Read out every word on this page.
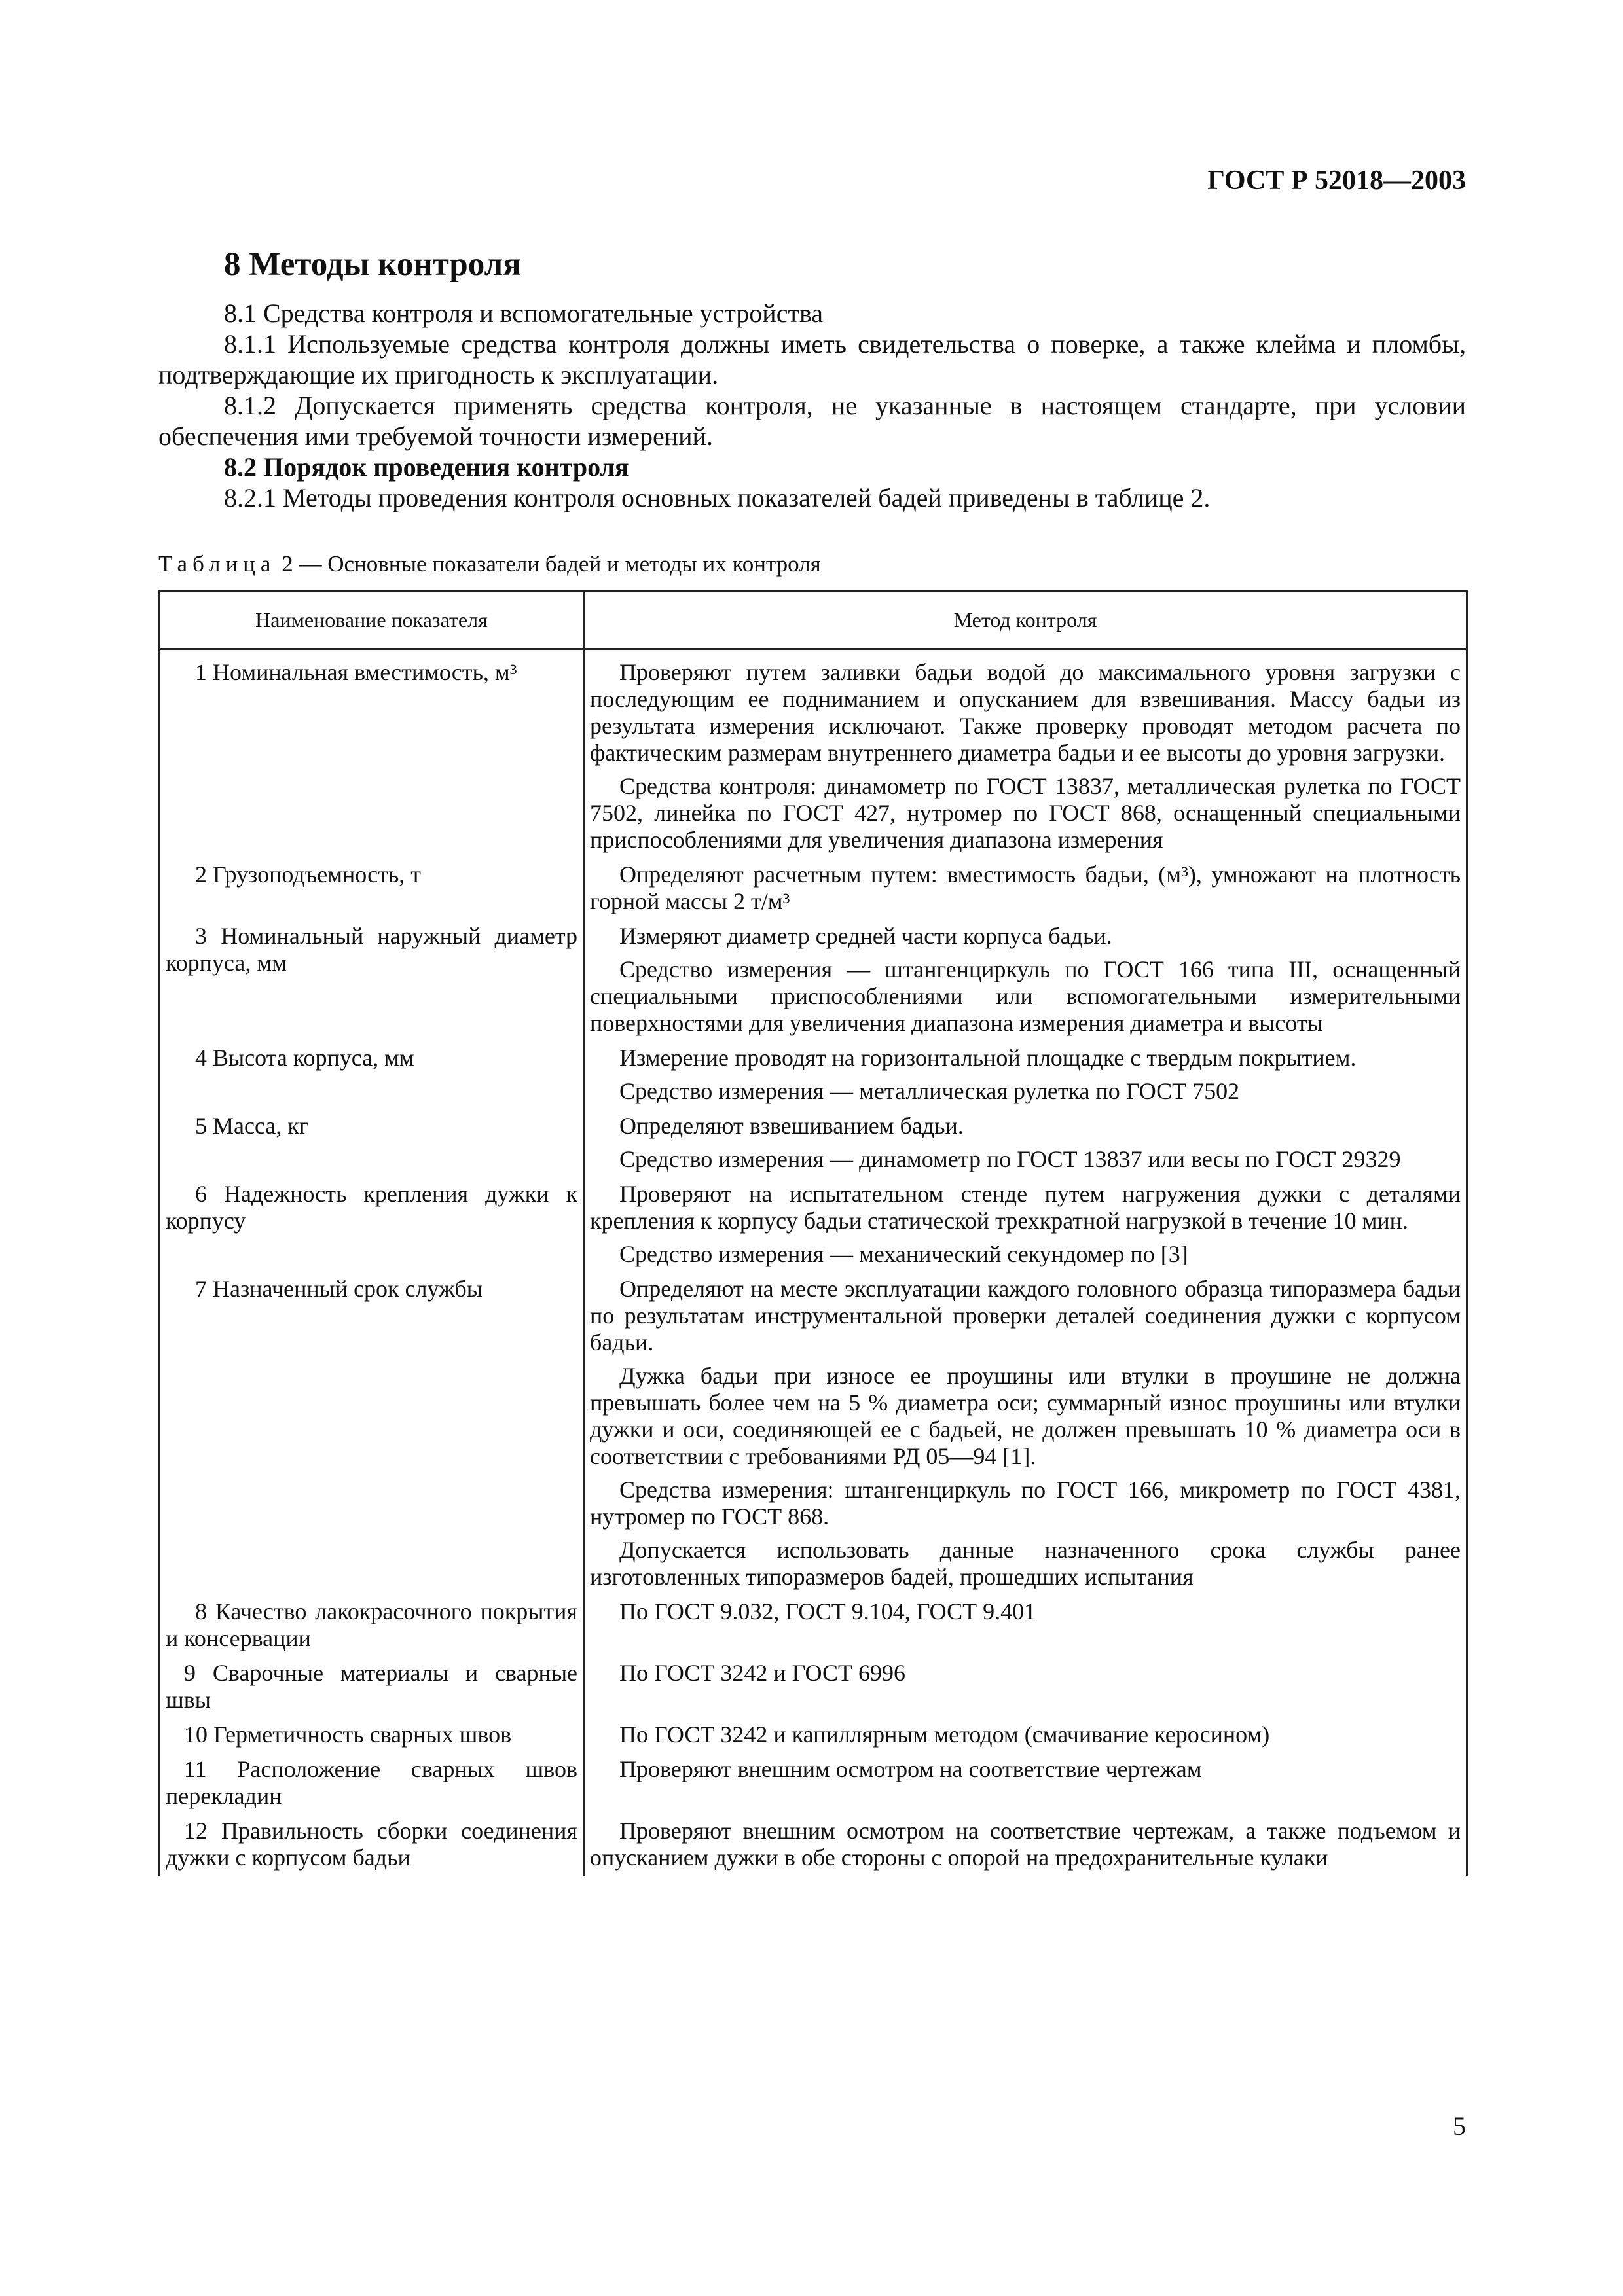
ГОСТ Р 52018—2003
8 Методы контроля

8.1 Средства контроля и вспомогательные устройства

8.1.1 Используемые средства контроля должны иметь свидетельства о поверке, а также клейма и пломбы, подтверждающие их пригодность к эксплуатации.

8.1.2 Допускается применять средства контроля, не указанные в настоящем стандарте, при условии обеспечения ими требуемой точности измерений.

8.2 Порядок проведения контроля

8.2.1 Методы проведения контроля основных показателей бадей приведены в таблице 2.

Таблица 2 — Основные показатели бадей и методы их контроля
Наименование показателя	Метод контроля
1 Номинальная вместимость, м³	Проверяют путем заливки бадьи водой до максимального уровня загрузки с последующим ее подниманием и опусканием для взвешивания. Массу бадьи из результата измерения исключают. Также проверку проводят методом расчета по фактическим размерам внутреннего диаметра бадьи и ее высоты до уровня загрузки.

Средства контроля: динамометр по ГОСТ 13837, металлическая рулетка по ГОСТ 7502, линейка по ГОСТ 427, нутромер по ГОСТ 868, оснащенный специальными приспособлениями для увеличения диапазона измерения

2 Грузоподъемность, т	Определяют расчетным путем: вместимость бадьи, (м³), умножают на плотность горной массы 2 т/м³

3 Номинальный наружный диаметр корпуса, мм	Измеряют диаметр средней части корпуса бадьи.

Средство измерения — штангенциркуль по ГОСТ 166 типа III, оснащенный специальными приспособлениями или вспомогательными измерительными поверхностями для увеличения диапазона измерения диаметра и высоты

4 Высота корпуса, мм	Измерение проводят на горизонтальной площадке с твердым покрытием.

Средство измерения — металлическая рулетка по ГОСТ 7502

5 Масса, кг	Определяют взвешиванием бадьи.

Средство измерения — динамометр по ГОСТ 13837 или весы по ГОСТ 29329

6 Надежность крепления дужки к корпусу	Проверяют на испытательном стенде путем нагружения дужки с деталями крепления к корпусу бадьи статической трехкратной нагрузкой в течение 10 мин.

Средство измерения — механический секундомер по [3]

7 Назначенный срок службы	Определяют на месте эксплуатации каждого головного образца типоразмера бадьи по результатам инструментальной проверки деталей соединения дужки с корпусом бадьи.

Дужка бадьи при износе ее проушины или втулки в проушине не должна превышать более чем на 5 % диаметра оси; суммарный износ проушины или втулки дужки и оси, соединяющей ее с бадьей, не должен превышать 10 % диаметра оси в соответствии с требованиями РД 05—94 [1].

Средства измерения: штангенциркуль по ГОСТ 166, микрометр по ГОСТ 4381, нутромер по ГОСТ 868.

Допускается использовать данные назначенного срока службы ранее изготовленных типоразмеров бадей, прошедших испытания

8 Качество лакокрасочного покрытия и консервации	По ГОСТ 9.032, ГОСТ 9.104, ГОСТ 9.401

9 Сварочные материалы и сварные швы	По ГОСТ 3242 и ГОСТ 6996

10 Герметичность сварных швов	По ГОСТ 3242 и капиллярным методом (смачивание керосином)

11 Расположение сварных швов перекладин	Проверяют внешним осмотром на соответствие чертежам

12 Правильность сборки соединения дужки с корпусом бадьи	Проверяют внешним осмотром на соответствие чертежам, а также подъемом и опусканием дужки в обе стороны с опорой на предохранительные кулаки

5
